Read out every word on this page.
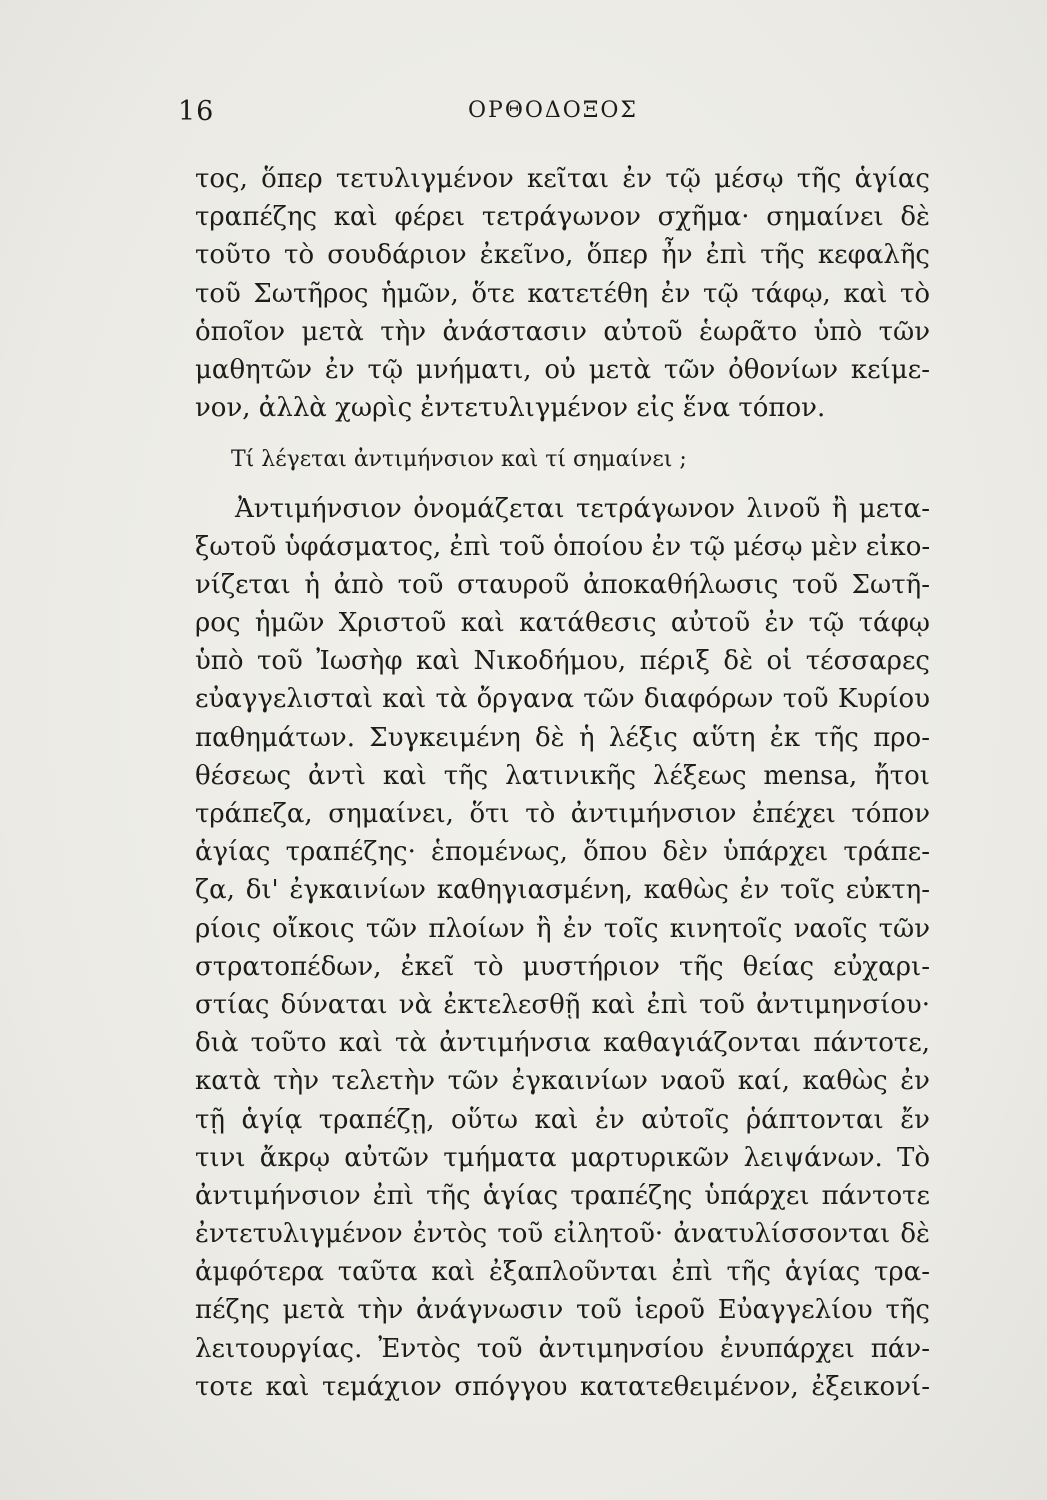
16	ΟΡΘΟΔΟΞΟΣ
τος, ὅπερ τετυλιγμένον κεῖται ἐν τῷ μέσῳ τῆς ἁγίας
τραπέζης καὶ φέρει τετράγωνον σχῆμα· σημαίνει δὲ
τοῦτο τὸ σουδάριον ἐκεῖνο, ὅπερ ἦν ἐπὶ τῆς κεφαλῆς
τοῦ Σωτῆρος ἡμῶν, ὅτε κατετέθη ἐν τῷ τάφῳ, καὶ τὸ
ὁποῖον μετὰ τὴν ἀνάστασιν αὐτοῦ ἑωρᾶτο ὑπὸ τῶν
μαθητῶν ἐν τῷ μνήματι, οὐ μετὰ τῶν ὀθονίων κείμε-
νον, ἀλλὰ χωρὶς ἐντετυλιγμένον εἰς ἕνα τόπον.
Τί λέγεται ἀντιμήνσιον καὶ τί σημαίνει ;
Ἀντιμήνσιον ὀνομάζεται τετράγωνον λινοῦ ἢ μετα-
ξωτοῦ ὑφάσματος, ἐπὶ τοῦ ὁποίου ἐν τῷ μέσῳ μὲν εἰκο-
νίζεται ἡ ἀπὸ τοῦ σταυροῦ ἀποκαθήλωσις τοῦ Σωτῆ-
ρος ἡμῶν Χριστοῦ καὶ κατάθεσις αὐτοῦ ἐν τῷ τάφῳ
ὑπὸ τοῦ Ἰωσὴφ καὶ Νικοδήμου, πέριξ δὲ οἱ τέσσαρες
εὐαγγελισταὶ καὶ τὰ ὄργανα τῶν διαφόρων τοῦ Κυρίου
παθημάτων. Συγκειμένη δὲ ἡ λέξις αὕτη ἐκ τῆς προ-
θέσεως ἀντὶ καὶ τῆς λατινικῆς λέξεως mensa, ἤτοι
τράπεζα, σημαίνει, ὅτι τὸ ἀντιμήνσιον ἐπέχει τόπον
ἁγίας τραπέζης· ἑπομένως, ὅπου δὲν ὑπάρχει τράπε-
ζα, δι' ἐγκαινίων καθηγιασμένη, καθὼς ἐν τοῖς εὐκτη-
ρίοις οἴκοις τῶν πλοίων ἢ ἐν τοῖς κινητοῖς ναοῖς τῶν
στρατοπέδων, ἐκεῖ τὸ μυστήριον τῆς θείας εὐχαρι-
στίας δύναται νὰ ἐκτελεσθῇ καὶ ἐπὶ τοῦ ἀντιμηνσίου·
διὰ τοῦτο καὶ τὰ ἀντιμήνσια καθαγιάζονται πάντοτε,
κατὰ τὴν τελετὴν τῶν ἐγκαινίων ναοῦ καί, καθὼς ἐν
τῇ ἁγίᾳ τραπέζῃ, οὕτω καὶ ἐν αὐτοῖς ῥάπτονται ἔν
τινι ἄκρῳ αὐτῶν τμήματα μαρτυρικῶν λειψάνων. Τὸ
ἀντιμήνσιον ἐπὶ τῆς ἁγίας τραπέζης ὑπάρχει πάντοτε
ἐντετυλιγμένον ἐντὸς τοῦ εἰλητοῦ· ἀνατυλίσσονται δὲ
ἀμφότερα ταῦτα καὶ ἐξαπλοῦνται ἐπὶ τῆς ἁγίας τρα-
πέζης μετὰ τὴν ἀνάγνωσιν τοῦ ἱεροῦ Εὐαγγελίου τῆς
λειτουργίας. Ἐντὸς τοῦ ἀντιμηνσίου ἐνυπάρχει πάν-
τοτε καὶ τεμάχιον σπόγγου κατατεθειμένον, ἐξεικονί-
